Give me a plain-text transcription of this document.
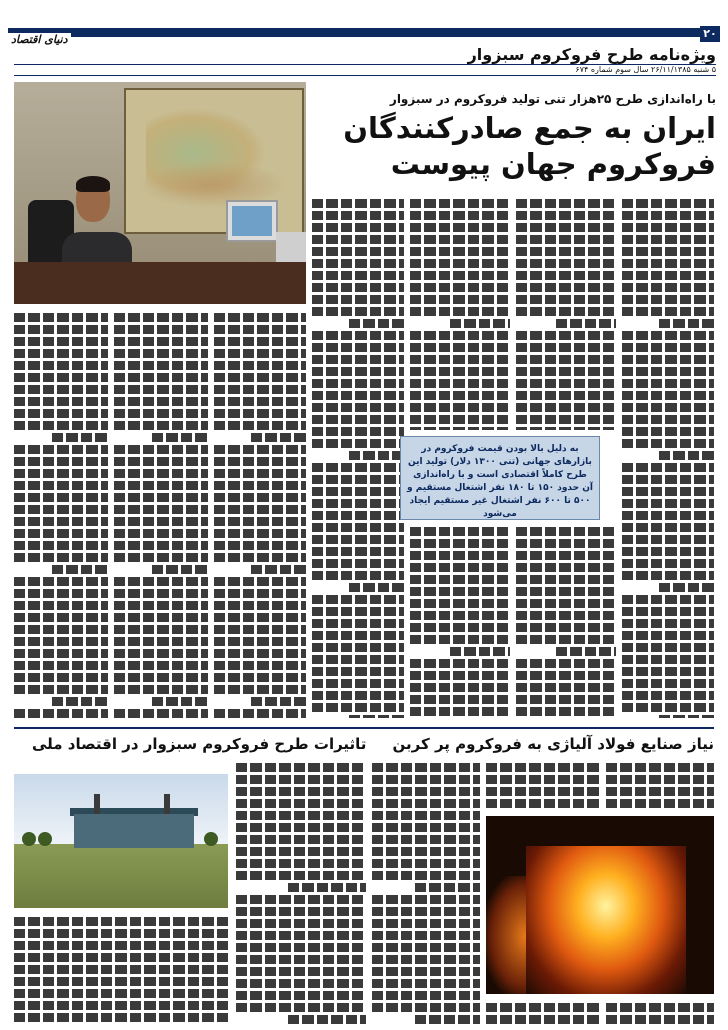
۲۰
دنیای اقتصاد
ویژه‌نامه طرح فروکروم سبزوار
۵ شنبه ۲۶/۱۱/۱۳۸۵ سال سوم شماره ۶۷۴
با راه‌اندازی طرح ۲۵هزار تنی تولید فروکروم در سبزوار
ایران به جمع صادرکنندگان
فروکروم جهان پیوست
به دلیل بالا بودن قیمت فروکروم در بازارهای جهانی (تنی ۱۳۰۰ دلار) تولید این طرح کاملاً اقتصادی است و با راه‌اندازی آن حدود ۱۵۰ تا ۱۸۰ نفر اشتغال مستقیم و ۵۰۰ تا ۶۰۰ نفر اشتغال غیر مستقیم ایجاد می‌شود
نیاز صنایع فولاد آلیاژی به فروکروم پر کربن
تاثیرات طرح فروکروم سبزوار در اقتصاد ملی
